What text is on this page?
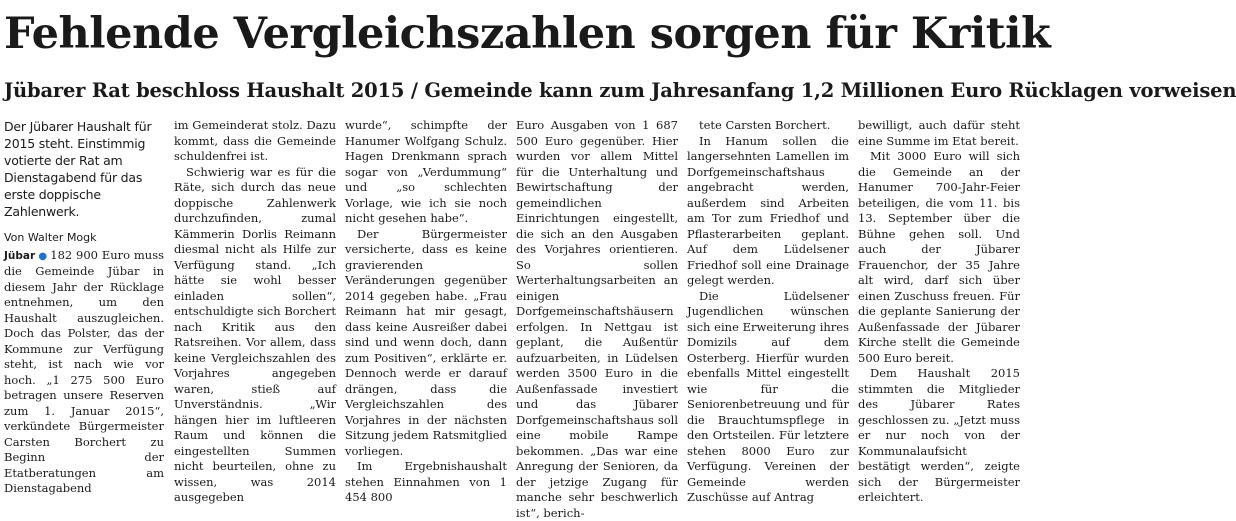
Fehlende Vergleichszahlen sorgen für Kritik
Jübarer Rat beschloss Haushalt 2015 / Gemeinde kann zum Jahresanfang 1,2 Millionen Euro Rücklagen vorweisen

Der Jübarer Haushalt für 2015 steht. Einstimmig votierte der Rat am Dienstagabend für das erste doppische Zahlenwerk.

Von Walter Mogk

Jübar ● 182 900 Euro muss die Gemeinde Jübar in diesem Jahr der Rücklage entnehmen, um den Haushalt auszugleichen. Doch das Polster, das der Kommune zur Verfügung steht, ist nach wie vor hoch. „1 275 500 Euro betragen unsere Reserven zum 1. Januar 2015“, verkündete Bürgermeister Carsten Borchert zu Beginn der Etatberatungen am Dienstagabend

im Gemeinderat stolz. Dazu kommt, dass die Gemeinde schuldenfrei ist.

Schwierig war es für die Räte, sich durch das neue doppische Zahlenwerk durchzufinden, zumal Kämmerin Dorlis Reimann diesmal nicht als Hilfe zur Verfügung stand. „Ich hätte sie wohl besser einladen sollen“, entschuldigte sich Borchert nach Kritik aus den Ratsreihen. Vor allem, dass keine Vergleichszahlen des Vorjahres angegeben waren, stieß auf Unverständnis. „Wir hängen hier im luftleeren Raum und können die eingestellten Summen nicht beurteilen, ohne zu wissen, was 2014 ausgegeben

wurde“, schimpfte der Hanumer Wolfgang Schulz. Hagen Drenkmann sprach sogar von „Verdummung“ und „so schlechten Vorlage, wie ich sie noch nicht gesehen habe“.

Der Bürgermeister versicherte, dass es keine gravierenden Veränderungen gegenüber 2014 gegeben habe. „Frau Reimann hat mir gesagt, dass keine Ausreißer dabei sind und wenn doch, dann zum Positiven“, erklärte er. Dennoch werde er darauf drängen, dass die Vergleichszahlen des Vorjahres in der nächsten Sitzung jedem Ratsmitglied vorliegen.

Im Ergebnishaushalt stehen Einnahmen von 1 454 800

Euro Ausgaben von 1 687 500 Euro gegenüber. Hier wurden vor allem Mittel für die Unterhaltung und Bewirtschaftung der gemeindlichen Einrichtungen eingestellt, die sich an den Ausgaben des Vorjahres orientieren. So sollen Werterhaltungsarbeiten an einigen Dorfgemeinschaftshäusern erfolgen. In Nettgau ist geplant, die Außentür aufzuarbeiten, in Lüdelsen werden 3500 Euro in die Außenfassade investiert und das Jübarer Dorfgemeinschaftshaus soll eine mobile Rampe bekommen. „Das war eine Anregung der Senioren, da der jetzige Zugang für manche sehr beschwerlich ist“, berich-

tete Carsten Borchert.

In Hanum sollen die langersehnten Lamellen im Dorfgemeinschaftshaus angebracht werden, außerdem sind Arbeiten am Tor zum Friedhof und Pflasterarbeiten geplant. Auf dem Lüdelsener Friedhof soll eine Drainage gelegt werden.

Die Lüdelsener Jugendlichen wünschen sich eine Erweiterung ihres Domizils auf dem Osterberg. Hierfür wurden ebenfalls Mittel eingestellt wie für die Seniorenbetreuung und für die Brauchtumspflege in den Ortsteilen. Für letztere stehen 8000 Euro zur Verfügung. Vereinen der Gemeinde werden Zuschüsse auf Antrag

bewilligt, auch dafür steht eine Summe im Etat bereit.

Mit 3000 Euro will sich die Gemeinde an der Hanumer 700-Jahr-Feier beteiligen, die vom 11. bis 13. September über die Bühne gehen soll. Und auch der Jübarer Frauenchor, der 35 Jahre alt wird, darf sich über einen Zuschuss freuen. Für die geplante Sanierung der Außenfassade der Jübarer Kirche stellt die Gemeinde 500 Euro bereit.

Dem Haushalt 2015 stimmten die Mitglieder des Jübarer Rates geschlossen zu. „Jetzt muss er nur noch von der Kommunalaufsicht bestätigt werden“, zeigte sich der Bürgermeister erleichtert.
